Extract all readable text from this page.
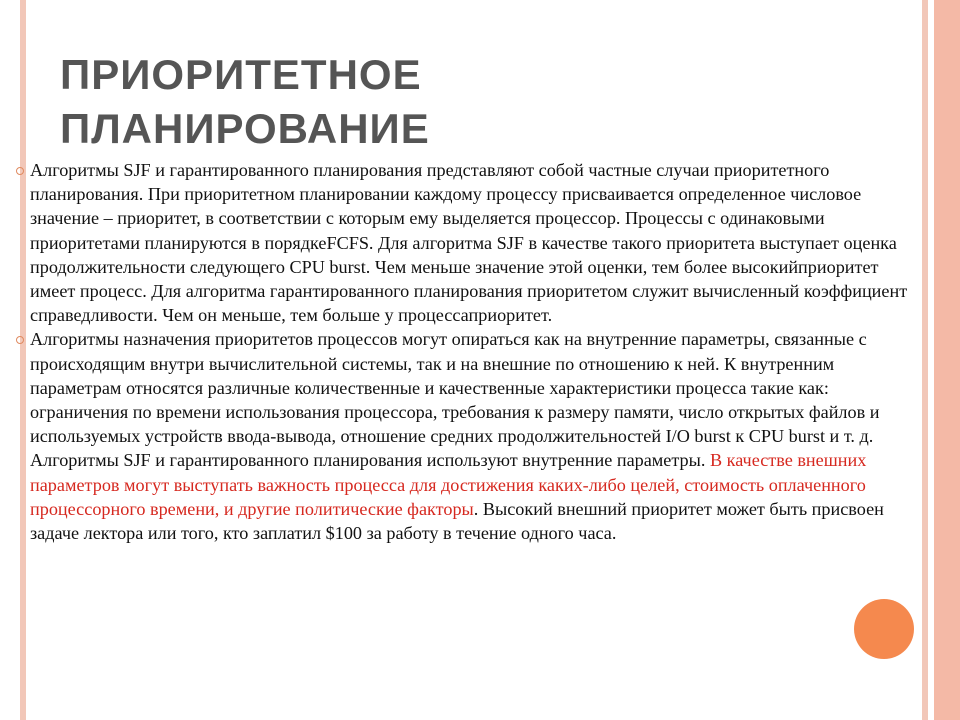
ПРИОРИТЕТНОЕ ПЛАНИРОВАНИЕ

Алгоритмы SJF и гарантированного планирования представляют собой частные случаи приоритетного планирования. При приоритетном планировании каждому процессу присваивается определенное числовое значение – приоритет, в соответствии с которым ему выделяется процессор. Процессы с одинаковыми приоритетами планируются в порядкеFCFS. Для алгоритма SJF в качестве такого приоритета выступает оценка продолжительности следующего CPU burst. Чем меньше значение этой оценки, тем более высокийприоритет имеет процесс. Для алгоритма гарантированного планирования приоритетом служит вычисленный коэффициент справедливости. Чем он меньше, тем больше у процессаприоритет.

Алгоритмы назначения приоритетов процессов могут опираться как на внутренние параметры, связанные с происходящим внутри вычислительной системы, так и на внешние по отношению к ней. К внутренним параметрам относятся различные количественные и качественные характеристики процесса такие как: ограничения по времени использования процессора, требования к размеру памяти, число открытых файлов и используемых устройств ввода-вывода, отношение средних продолжительностей I/O burst к CPU burst и т. д. Алгоритмы SJF и гарантированного планирования используют внутренние параметры. В качестве внешних параметров могут выступать важность процесса для достижения каких-либо целей, стоимость оплаченного процессорного времени, и другие политические факторы. Высокий внешний приоритет может быть присвоен задаче лектора или того, кто заплатил $100 за работу в течение одного часа.
